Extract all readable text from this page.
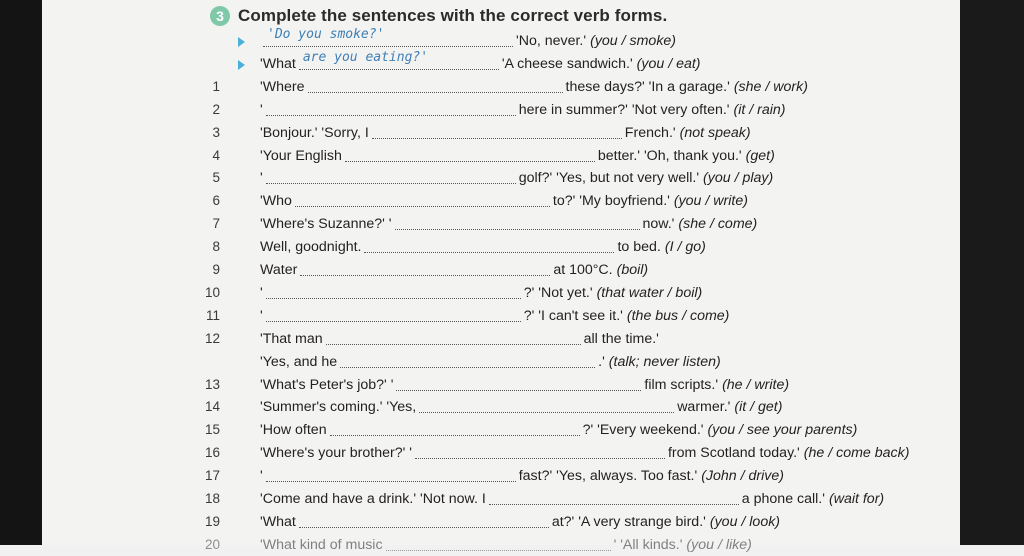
3 Complete the sentences with the correct verb forms.
'Do you smoke?'	'No, never.' (you / smoke)
'What are you eating?'	'A cheese sandwich.' (you / eat)
1	'Where	these days?' 'In a garage.' (she / work)
2	'	here in summer?' 'Not very often.' (it / rain)
3	'Bonjour.' 'Sorry, I	French.' (not speak)
4	'Your English	better.' 'Oh, thank you.' (get)
5	'	golf?' 'Yes, but not very well.' (you / play)
6	'Who	to?' 'My boyfriend.' (you / write)
7	'Where's Suzanne?' '	now.' (she / come)
8	Well, goodnight.	to bed. (I / go)
9	Water	at 100°C. (boil)
10	'	?' 'Not yet.' (that water / boil)
11	'	?' 'I can't see it.' (the bus / come)
12	'That man	all the time.'
'Yes, and he	.' (talk; never listen)
13	'What's Peter's job?' '	film scripts.' (he / write)
14	'Summer's coming.' 'Yes,	warmer.' (it / get)
15	'How often	?' 'Every weekend.' (you / see your parents)
16	'Where's your brother?' '	from Scotland today.' (he / come back)
17	'	fast?' 'Yes, always. Too fast.' (John / drive)
18	'Come and have a drink.' 'Not now. I	a phone call.' (wait for)
19	'What	at?' 'A very strange bird.' (you / look)
20	'What kind of music	' 'All kinds.' (you / like)
